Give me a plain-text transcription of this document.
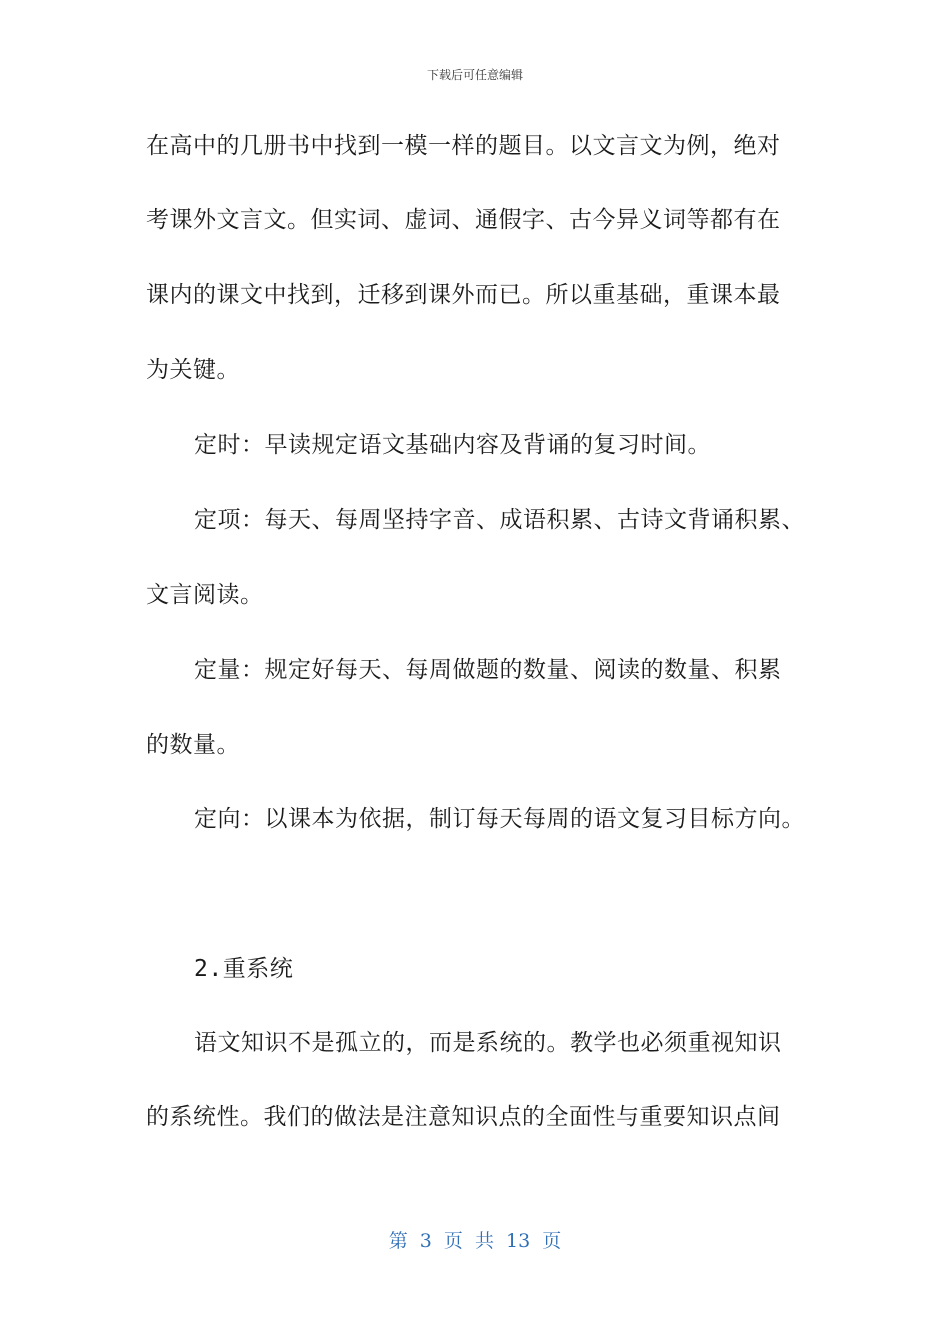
下载后可任意编辑
在高中的几册书中找到一模一样的题目。以文言文为例，绝对
考课外文言文。但实词、虚词、通假字、古今异义词等都有在
课内的课文中找到，迁移到课外而已。所以重基础，重课本最
为关键。
定时：早读规定语文基础内容及背诵的复习时间。
定项：每天、每周坚持字音、成语积累、古诗文背诵积累、
文言阅读。
定量：规定好每天、每周做题的数量、阅读的数量、积累
的数量。
定向：以课本为依据，制订每天每周的语文复习目标方向。
2.重系统
语文知识不是孤立的，而是系统的。教学也必须重视知识
的系统性。我们的做法是注意知识点的全面性与重要知识点间
第 3 页 共 13 页
